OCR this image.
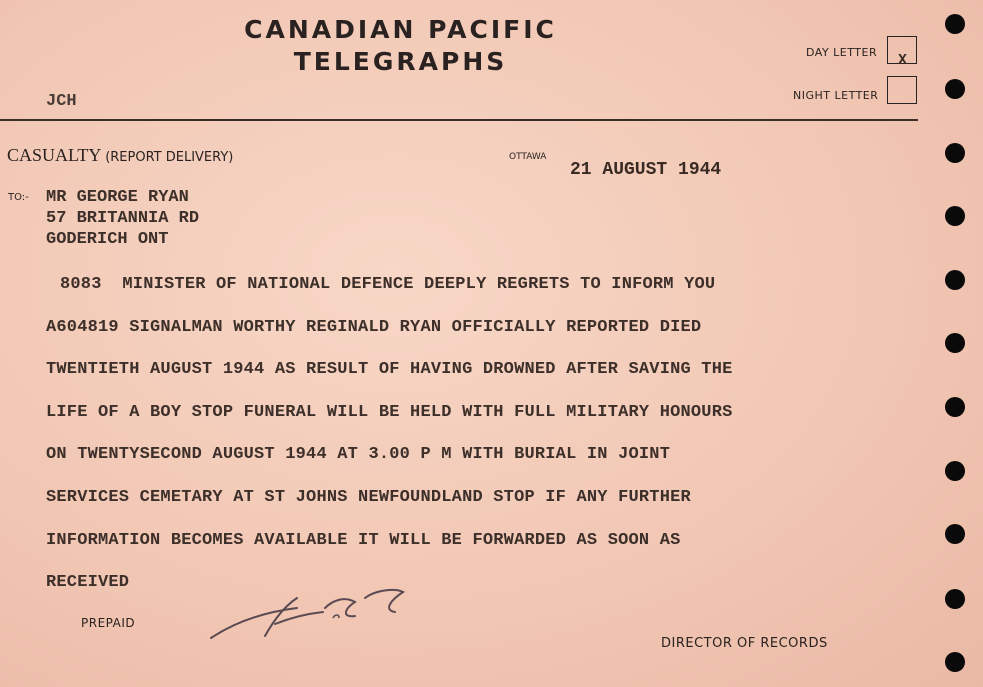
CANADIAN PACIFIC
TELEGRAPHS
JCH
DAY LETTER X
NIGHT LETTER
CASUALTY (REPORT DELIVERY)	OTTAWA
21 AUGUST 1944
TO:- MR GEORGE RYAN
57 BRITANNIA RD
GODERICH ONT
8083  MINISTER OF NATIONAL DEFENCE DEEPLY REGRETS TO INFORM YOU
A604819 SIGNALMAN WORTHY REGINALD RYAN OFFICIALLY REPORTED DIED
TWENTIETH AUGUST 1944 AS RESULT OF HAVING DROWNED AFTER SAVING THE
LIFE OF A BOY STOP FUNERAL WILL BE HELD WITH FULL MILITARY HONOURS
ON TWENTYSECOND AUGUST 1944 AT 3.00 P M WITH BURIAL IN JOINT
SERVICES CEMETARY AT ST JOHNS NEWFOUNDLAND STOP IF ANY FURTHER
INFORMATION BECOMES AVAILABLE IT WILL BE FORWARDED AS SOON AS
RECEIVED
PREPAID
DIRECTOR OF RECORDS
